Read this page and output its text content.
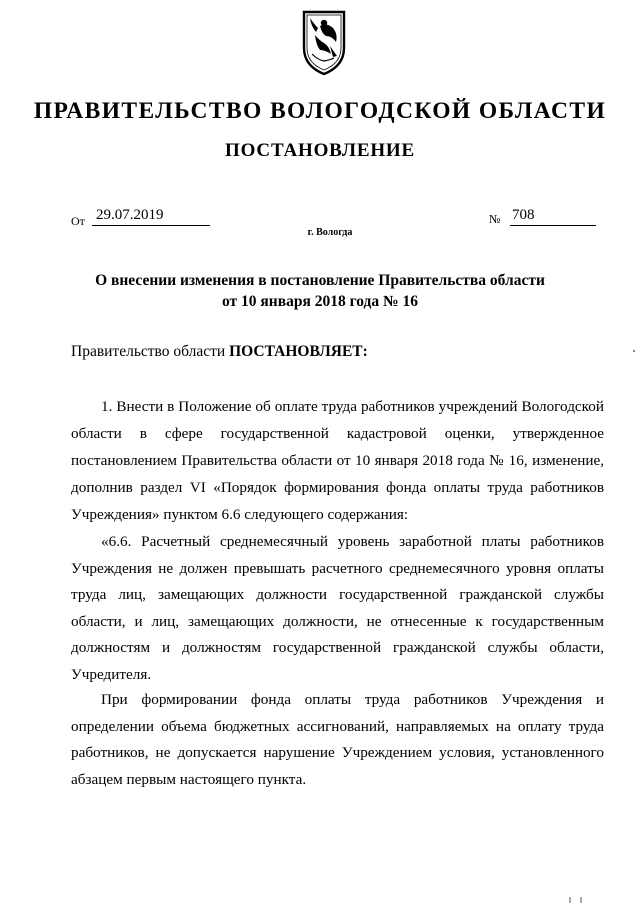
ПРАВИТЕЛЬСТВО ВОЛОГОДСКОЙ ОБЛАСТИ
ПОСТАНОВЛЕНИЕ
От 29.07.2019	№ 708
г. Вологда
О внесении изменения в постановление Правительства области
от 10 января 2018 года № 16
Правительство области ПОСТАНОВЛЯЕТ:
1. Внести в Положение об оплате труда работников учреждений Вологодской области в сфере государственной кадастровой оценки, утвержденное постановлением Правительства области от 10 января 2018 года № 16, изменение, дополнив раздел VI «Порядок формирования фонда оплаты труда работников Учреждения» пунктом 6.6 следующего содержания:
«6.6. Расчетный среднемесячный уровень заработной платы работников Учреждения не должен превышать расчетного среднемесячного уровня оплаты труда лиц, замещающих должности государственной гражданской службы области, и лиц, замещающих должности, не отнесенные к государственным должностям и должностям государственной гражданской службы области, Учредителя.
При формировании фонда оплаты труда работников Учреждения и определении объема бюджетных ассигнований, направляемых на оплату труда работников, не допускается нарушение Учреждением условия, установленного абзацем первым настоящего пункта.
